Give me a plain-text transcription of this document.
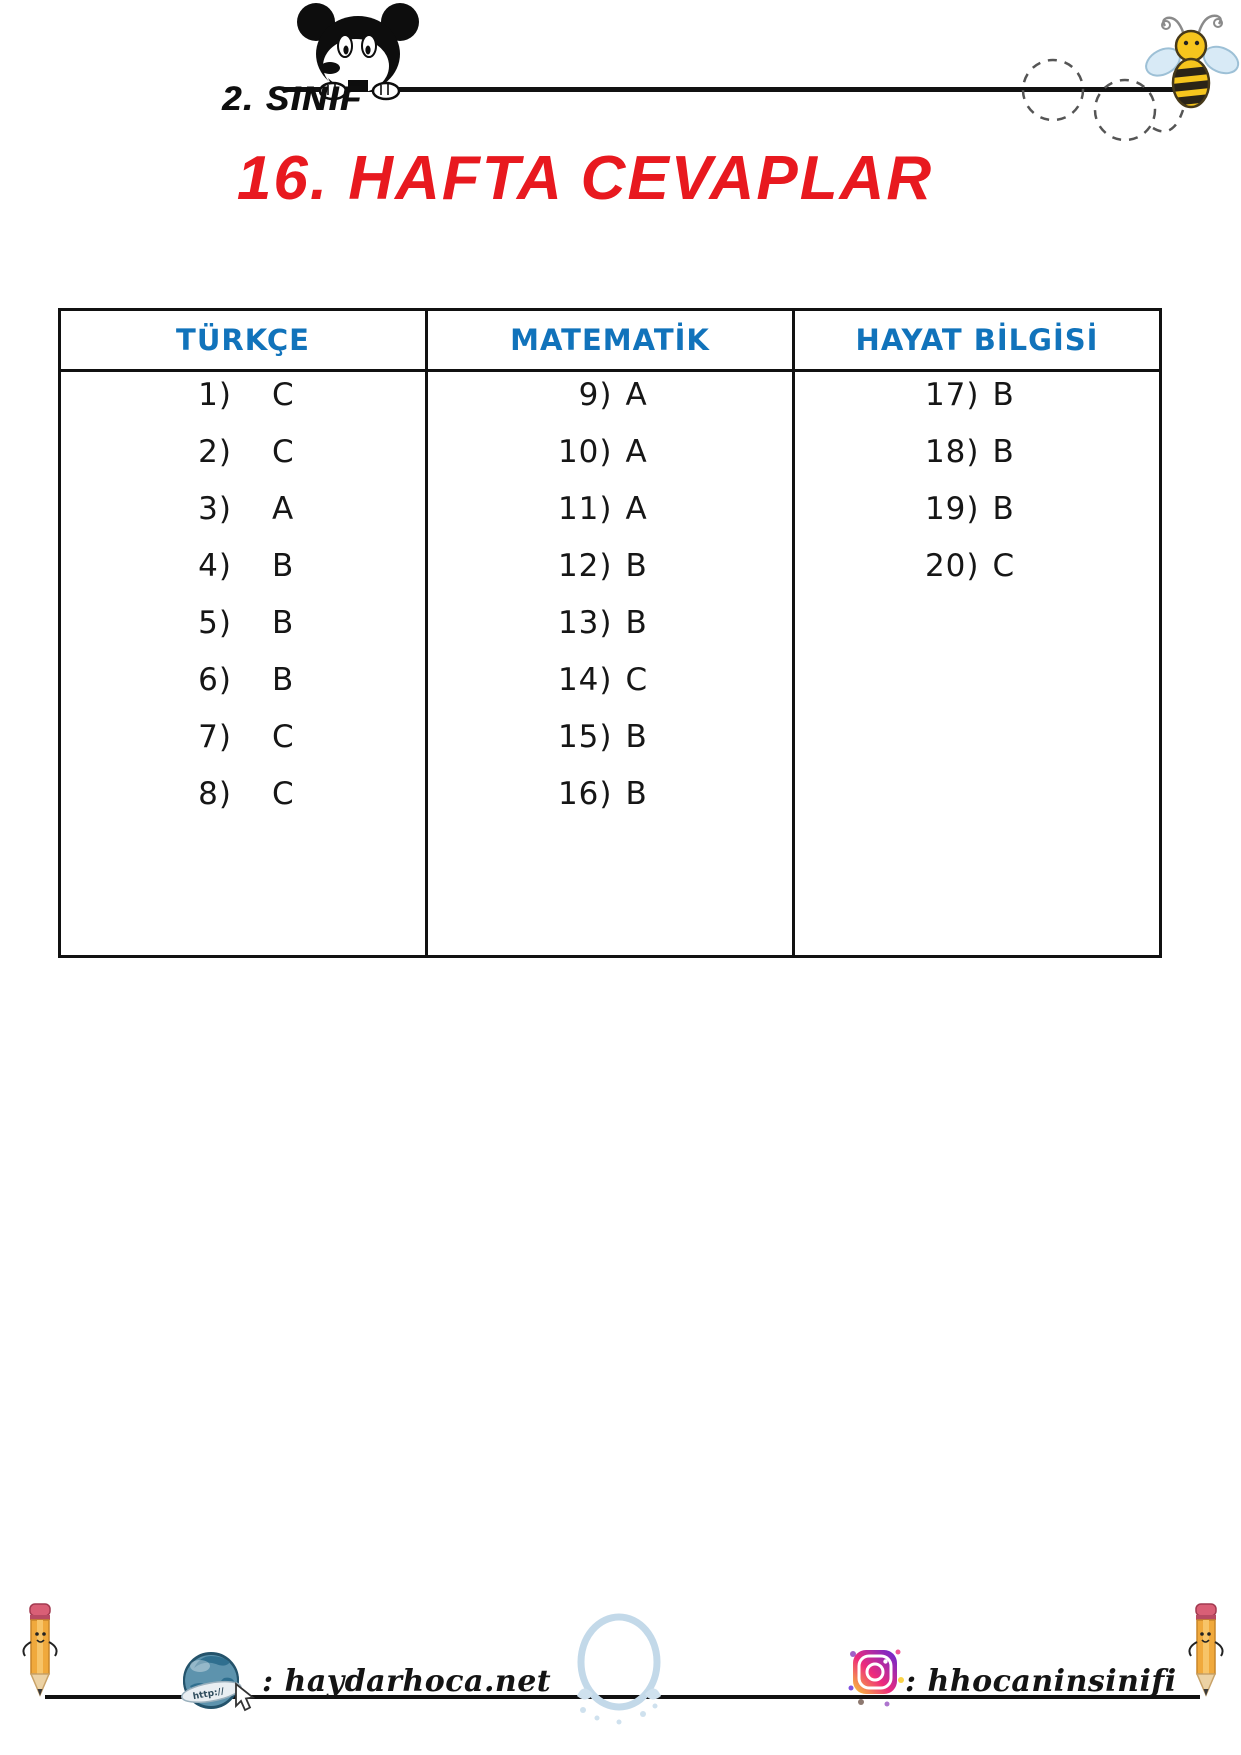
2. SINIF
16. HAFTA CEVAPLAR
TÜRKÇE
1) C
2) C
3) A
4) B
5) B
6) B
7) C
8) C
MATEMATİK
9) A
10) A
11) A
12) B
13) B
14) C
15) B
16) B
HAYAT BİLGİSİ
17) B
18) B
19) B
20) C
http:// : haydarhoca.net	: hhocaninsinifi
